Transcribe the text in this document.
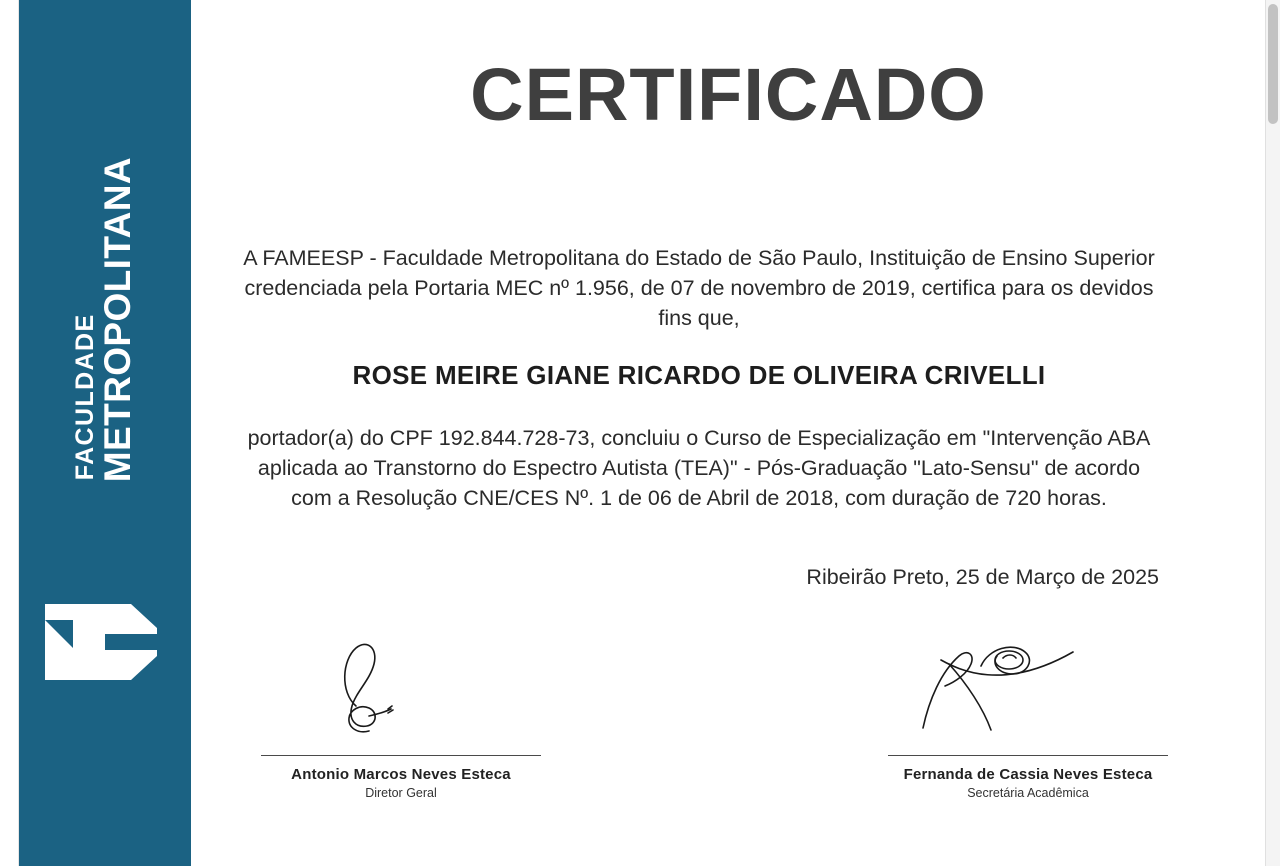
FACULDADE
METROPOLITANA
CERTIFICADO
A FAMEESP - Faculdade Metropolitana do Estado de São Paulo, Instituição de Ensino Superior credenciada pela Portaria MEC nº 1.956, de 07 de novembro de 2019, certifica para os devidos fins que,
ROSE MEIRE GIANE RICARDO DE OLIVEIRA CRIVELLI
portador(a) do CPF 192.844.728-73, concluiu o Curso de Especialização em "Intervenção ABA aplicada ao Transtorno do Espectro Autista (TEA)" - Pós-Graduação "Lato-Sensu" de acordo com a Resolução CNE/CES Nº. 1 de 06 de Abril de 2018, com duração de 720 horas.
Ribeirão Preto, 25 de Março de 2025
Antonio Marcos Neves Esteca
Diretor Geral
Fernanda de Cassia Neves Esteca
Secretária Acadêmica
